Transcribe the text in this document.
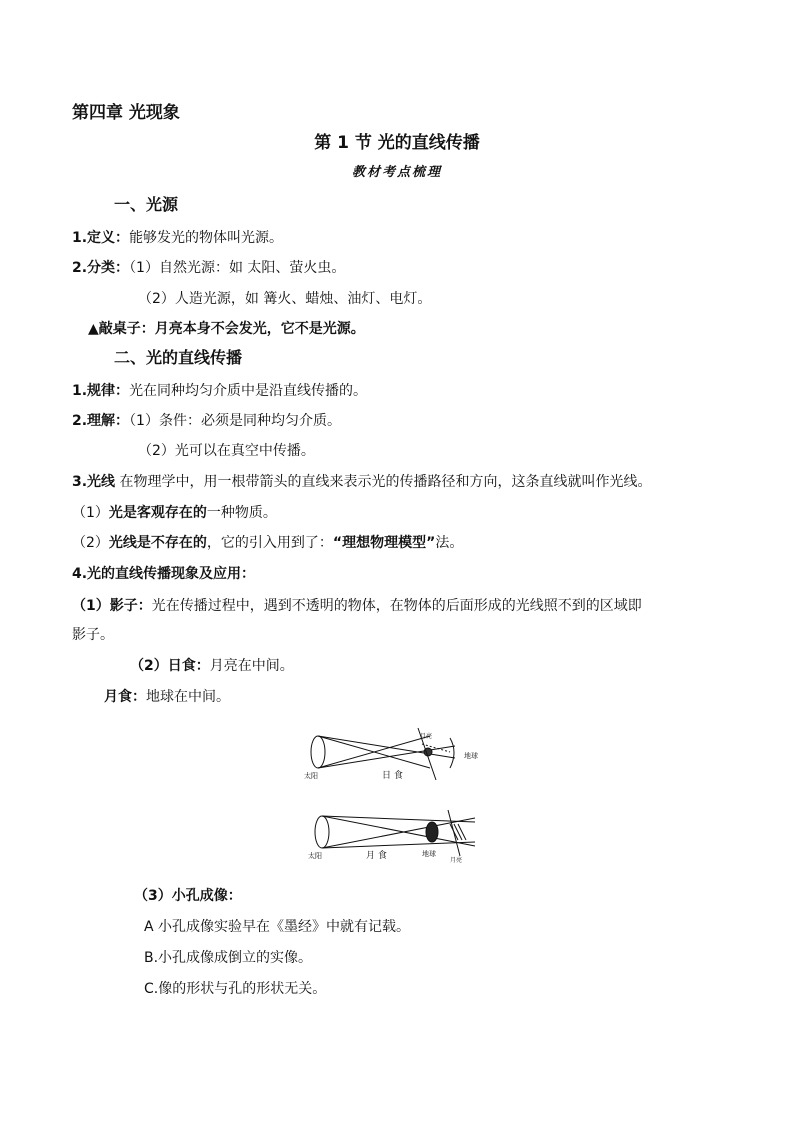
第四章 光现象
第 1 节 光的直线传播
教材考点梳理
一、光源
1.定义：能够发光的物体叫光源。
2.分类：（1）自然光源：如 太阳、萤火虫。
（2）人造光源，如 篝火、蜡烛、油灯、电灯。
▲敲桌子：月亮本身不会发光，它不是光源。
二、光的直线传播
1.规律：光在同种均匀介质中是沿直线传播的。
2.理解：（1）条件：必须是同种均匀介质。
（2）光可以在真空中传播。
3.光线 在物理学中，用一根带箭头的直线来表示光的传播路径和方向，这条直线就叫作光线。
（1）光是客观存在的一种物质。
（2）光线是不存在的，它的引入用到了：“理想物理模型”法。
4.光的直线传播现象及应用：
（1）影子：光在传播过程中，遇到不透明的物体，在物体的后面形成的光线照不到的区域即
影子。
（2）日食：月亮在中间。
月食：地球在中间。
太阳	日 食
月亮
地球
太阳	月 食	地球
月亮
（3）小孔成像：
A 小孔成像实验早在《墨经》中就有记载。
B.小孔成像成倒立的实像。
C.像的形状与孔的形状无关。
